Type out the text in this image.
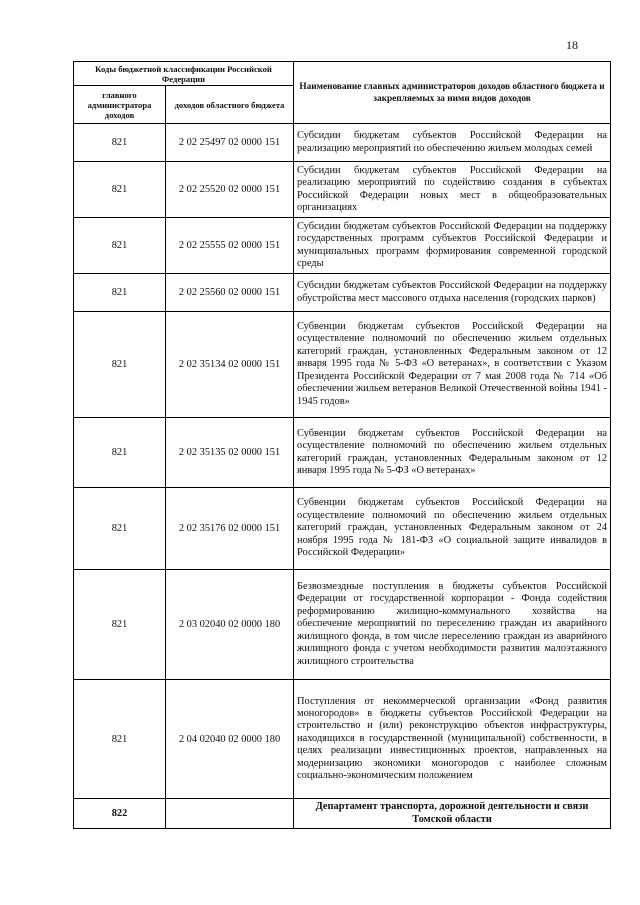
18
Коды бюджетной классификации Российской Федерации		Наименование главных администраторов доходов областного бюджета и закрепляемых за ними видов доходов
главного администратора доходов	доходов областного бюджета	
821	2 02 25497 02 0000 151	Субсидии бюджетам субъектов Российской Федерации на реализацию мероприятий по обеспечению жильем молодых семей
821	2 02 25520 02 0000 151	Субсидии бюджетам субъектов Российской Федерации на реализацию мероприятий по содействию создания в субъектах Российской Федерации новых мест в общеобразовательных организациях
821	2 02 25555 02 0000 151	Субсидии бюджетам субъектов Российской Федерации на поддержку государственных программ субъектов Российской Федерации и муниципальных программ формирования современной городской среды
821	2 02 25560 02 0000 151	Субсидии бюджетам субъектов Российской Федерации на поддержку обустройства мест массового отдыха населения (городских парков)
821	2 02 35134 02 0000 151	Субвенции бюджетам субъектов Российской Федерации на осуществление полномочий по обеспечению жильем отдельных категорий граждан, установленных Федеральным законом от 12 января 1995 года № 5-ФЗ «О ветеранах», в соответствии с Указом Президента Российской Федерации от 7 мая 2008 года № 714 «Об обеспечении жильем ветеранов Великой Отечественной войны 1941 - 1945 годов»
821	2 02 35135 02 0000 151	Субвенции бюджетам субъектов Российской Федерации на осуществление полномочий по обеспечению жильем отдельных категорий граждан, установленных Федеральным законом от 12 января 1995 года № 5-ФЗ «О ветеранах»
821	2 02 35176 02 0000 151	Субвенции бюджетам субъектов Российской Федерации на осуществление полномочий по обеспечению жильем отдельных категорий граждан, установленных Федеральным законом от 24 ноября 1995 года № 181-ФЗ «О социальной защите инвалидов в Российской Федерации»
821	2 03 02040 02 0000 180	Безвозмездные поступления в бюджеты субъектов Российской Федерации от государственной корпорации - Фонда содействия реформированию жилищно-коммунального хозяйства на обеспечение мероприятий по переселению граждан из аварийного жилищного фонда, в том числе переселению граждан из аварийного жилищного фонда с учетом необходимости развития малоэтажного жилищного строительства
821	2 04 02040 02 0000 180	Поступления от некоммерческой организации «Фонд развития моногородов» в бюджеты субъектов Российской Федерации на строительство и (или) реконструкцию объектов инфраструктуры, находящихся в государственной (муниципальной) собственности, в целях реализации инвестиционных проектов, направленных на модернизацию экономики моногородов с наиболее сложным социально-экономическим положением
822		Департамент транспорта, дорожной деятельности и связи Томской области
